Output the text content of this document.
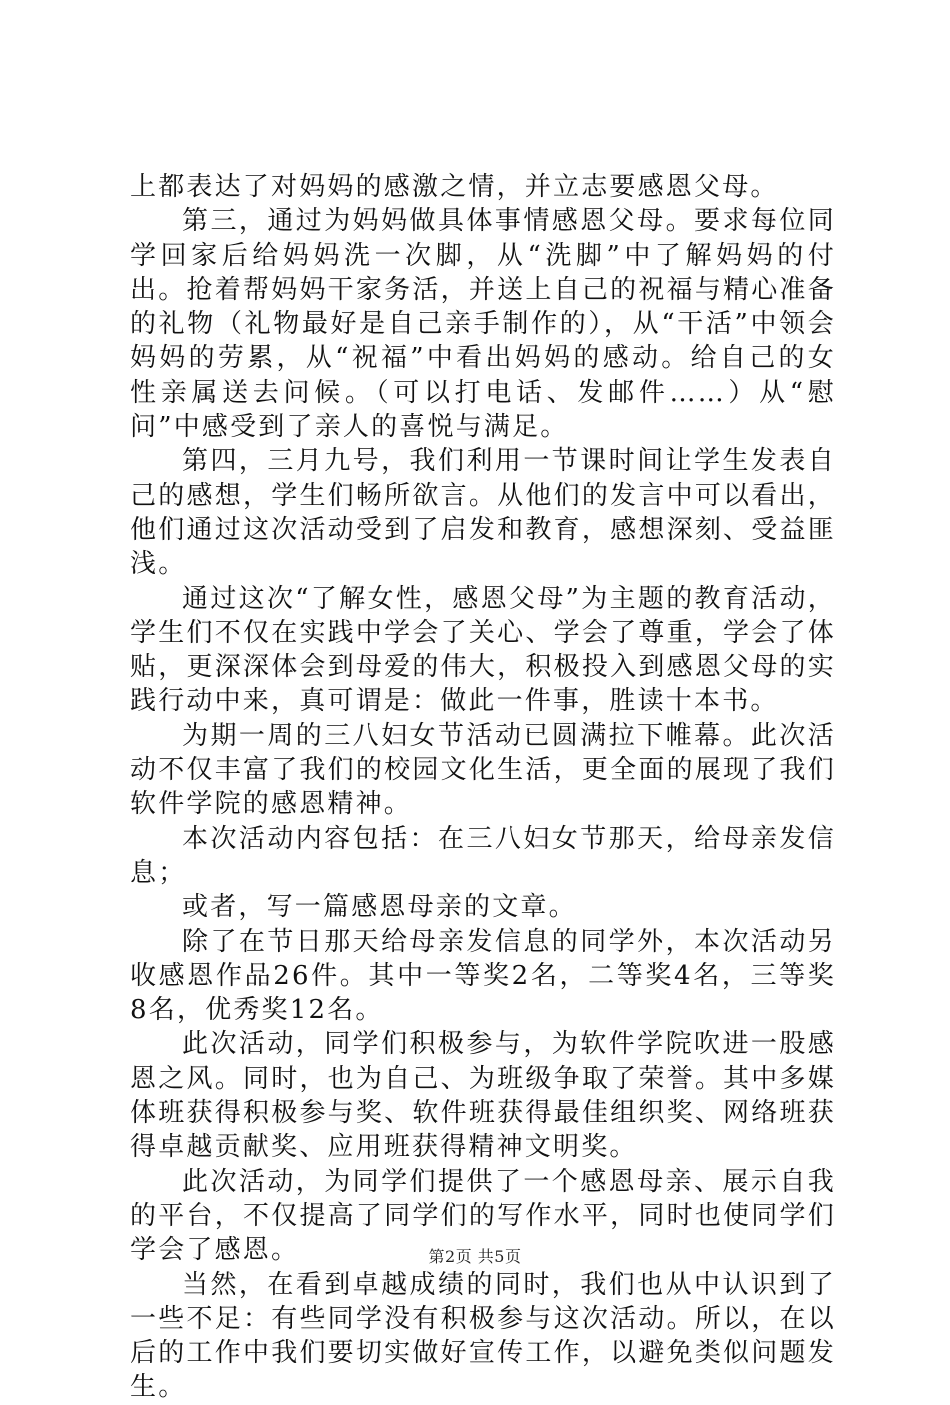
上都表达了对妈妈的感激之情，并立志要感恩父母。

第三，通过为妈妈做具体事情感恩父母。要求每位同学回家后给妈妈洗一次脚，从“洗脚”中了解妈妈的付出。抢着帮妈妈干家务活，并送上自己的祝福与精心准备的礼物（礼物最好是自己亲手制作的），从“干活”中领会妈妈的劳累，从“祝福”中看出妈妈的感动。给自己的女性亲属送去问候。（可以打电话、发邮件……）从“慰问”中感受到了亲人的喜悦与满足。

第四，三月九号，我们利用一节课时间让学生发表自己的感想，学生们畅所欲言。从他们的发言中可以看出，他们通过这次活动受到了启发和教育，感想深刻、受益匪浅。

通过这次“了解女性，感恩父母”为主题的教育活动，学生们不仅在实践中学会了关心、学会了尊重，学会了体贴，更深深体会到母爱的伟大，积极投入到感恩父母的实践行动中来，真可谓是：做此一件事，胜读十本书。

为期一周的三八妇女节活动已圆满拉下帷幕。此次活动不仅丰富了我们的校园文化生活，更全面的展现了我们软件学院的感恩精神。

本次活动内容包括：在三八妇女节那天，给母亲发信息；

或者，写一篇感恩母亲的文章。

除了在节日那天给母亲发信息的同学外，本次活动另收感恩作品26件。其中一等奖2名，二等奖4名，三等奖8名，优秀奖12名。

此次活动，同学们积极参与，为软件学院吹进一股感恩之风。同时，也为自己、为班级争取了荣誉。其中多媒体班获得积极参与奖、软件班获得最佳组织奖、网络班获得卓越贡献奖、应用班获得精神文明奖。

此次活动，为同学们提供了一个感恩母亲、展示自我的平台，不仅提高了同学们的写作水平，同时也使同学们学会了感恩。

当然，在看到卓越成绩的同时，我们也从中认识到了一些不足：有些同学没有积极参与这次活动。所以，在以后的工作中我们要切实做好宣传工作，以避免类似问题发生。

第2页 共5页
